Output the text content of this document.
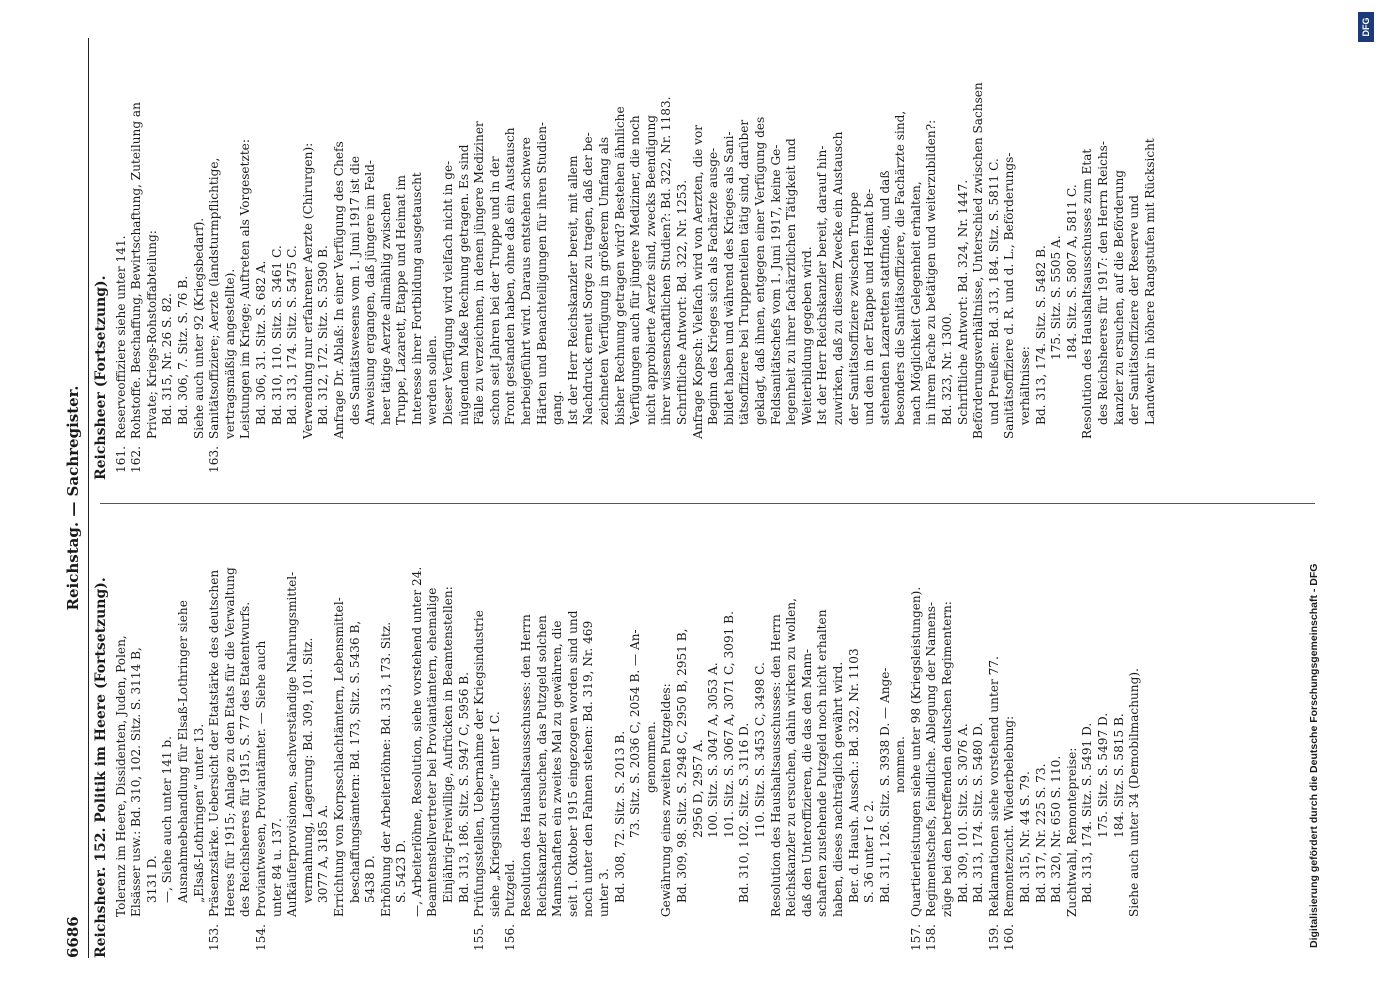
6686
Reichstag. — Sachregister.
Reichsheer. 152. Politik im Heere (Fortsetzung). Toleranz im Heere, Dissidenten, Juden, Polen, Elsässer usw.: Bd. 310, 102. Sitz. S. 3114 B, 3131 D. —, Siehe auch unter 141 b. Ausnahmebehandlung für Elsaß-Lothringer siehe „Elsaß-Lothringen“ unter 13.
153.
Präsenzstärke. Uebersicht der Etatstärke des deutschen Heeres für 1915; Anlage zu den Etats für die Verwaltung des Reichsheeres für 1915, S. 77 des Etatentwurfs.
154.
Proviantwesen, Proviantämter. — Siehe auch unter 84 u. 137. Aufkäuferprovisionen, sachverständige Nahrungsmittel- vermahnung, Lagerung: Bd. 309, 101. Sitz. 3077 A, 3185 A. Errichtung von Korpsschlachtämtern, Lebensmittel- beschaffungsämtern: Bd. 173, Sitz. S. 5436 B, 5438 D. Erhöhung der Arbeiterlöhne: Bd. 313, 173. Sitz. S. 5423 D. —, Arbeiterlöhne, Resolution, siehe vorstehend unter 24. Beamtenstellvertreter bei Proviantämtern, ehemalige Einjährig-Freiwillige, Aufrücken in Beamtenstellen: Bd. 313, 186. Sitz. S. 5947 C, 5956 B.
155.
Prüfungsstellen, Uebernahme der Kriegsindustrie siehe „Kriegsindustrie“ unter I C.
156.
Putzgeld. Resolution des Haushaltsausschusses: den Herrn Reichskanzler zu ersuchen, das Putzgeld solchen Mannschaften ein zweites Mal zu gewähren, die seit 1. Oktober 1915 eingezogen worden sind und noch unter den Fahnen stehen: Bd. 319, Nr. 469 unter 3. Bd. 308, 72. Sitz. S. 2013 B. 73. Sitz. S. 2036 C, 2054 B. — An- genommen. Gewährung eines zweiten Putzgeldes: Bd. 309, 98. Sitz. S. 2948 C, 2950 B, 2951 B, 2956 D, 2957 A. 100. Sitz. S. 3047 A, 3053 A. 101. Sitz. S. 3067 A, 3071 C, 3091 B. Bd. 310, 102. Sitz. S. 3116 D. 110. Sitz. S. 3453 C, 3498 C. Resolution des Haushaltsausschusses: den Herrn Reichskanzler zu ersuchen, dahin wirken zu wollen, daß den Unteroffizieren, die das den Mann- schaften zustehende Putzgeld noch nicht erhalten haben, dieses nachträglich gewährt wird. Ber. d. Haush. Aussch.: Bd. 322, Nr. 1103 S. 36 unter I c 2. Bd. 311, 126. Sitz. S. 3938 D. — Ange- nommen.
157.
Quartierleistungen siehe unter 98 (Kriegsleistungen).
158.
Regimentschefs, feindliche. Ablegung der Namens- züge bei den betreffenden deutschen Regimentern: Bd. 309, 101. Sitz. S. 3076 A. Bd. 313, 174. Sitz. S. 5480 D.
159.
Reklamationen siehe vorstehend unter 77.
160.
Remontezucht. Wiederbelebung: Bd. 315, Nr. 44 S. 79. Bd. 317, Nr. 225 S. 73. Bd. 320, Nr. 650 S. 110. Zuchtwahl, Remontepreise: Bd. 313, 174. Sitz. S. 5491 D. 175. Sitz. S. 5497 D. 184. Sitz. S. 5815 B. Siehe auch unter 34 (Demobilmachung).
Reichsheer (Fortsetzung). 161.
Reserveoffiziere siehe unter 141.
162.
Rohstoffe. Beschaffung, Bewirtschaftung, Zuteilung an Private; Kriegs-Rohstoffabteilung: Bd. 315, Nr. 26 S. 82. Bd. 306, 7. Sitz. S. 76 B. Siehe auch unter 92 (Kriegsbedarf).
163.
Sanitätsoffiziere; Aerzte (landsturmpflichtige, vertragsmäßig angestellte). Leistungen im Kriege; Auftreten als Vorgesetzte: Bd. 306, 31. Sitz. S. 682 A. Bd. 310, 110. Sitz. S. 3461 C. Bd. 313, 174. Sitz. S. 5475 C. Verwendung nur erfahrener Aerzte (Chirurgen): Bd. 312, 172. Sitz. S. 5390 B. Anfrage Dr. Ablaß: In einer Verfügung des Chefs des Sanitätswesens vom 1. Juni 1917 ist die Anweisung ergangen, daß jüngere im Feld- heer tätige Aerzte allmählig zwischen Truppe, Lazarett, Etappe und Heimat im Interesse ihrer Fortbildung ausgetauscht werden sollen. Dieser Verfügung wird vielfach nicht in ge- nügendem Maße Rechnung getragen. Es sind Fälle zu verzeichnen, in denen jüngere Mediziner schon seit Jahren bei der Truppe und in der Front gestanden haben, ohne daß ein Austausch herbeigeführt wird. Daraus entstehen schwere Härten und Benachteiligungen für ihren Studien- gang. Ist der Herr Reichskanzler bereit, mit allem Nachdruck erneut Sorge zu tragen, daß der be- zeichneten Verfügung in größerem Umfang als bisher Rechnung getragen wird? Bestehen ähnliche Verfügungen auch für jüngere Mediziner, die noch nicht approbierte Aerzte sind, zwecks Beendigung ihrer wissenschaftlichen Studien?: Bd. 322, Nr. 1183. Schriftliche Antwort: Bd. 322, Nr. 1253. Anfrage Kopsch: Vielfach wird von Aerzten, die vor Beginn des Krieges sich als Fachärzte ausge- bildet haben und während des Krieges als Sani- tätsoffiziere bei Truppenteilen tätig sind, darüber geklagt, daß ihnen, entgegen einer Verfügung des Feldsanitätschefs vom 1. Juni 1917, keine Ge- legenheit zu ihrer fachärztlichen Tätigkeit und Weiterbildung gegeben wird. Ist der Herr Reichskanzler bereit, darauf hin- zuwirken, daß zu diesem Zwecke ein Austausch der Sanitätsoffiziere zwischen Truppe und den in der Etappe und Heimat be- stehenden Lazaretten stattfinde, und daß besonders die Sanitätsoffiziere, die Fachärzte sind, nach Möglichkeit Gelegenheit erhalten, in ihrem Fache zu betätigen und weiterzubilden?: Bd. 323, Nr. 1300. Schriftliche Antwort: Bd. 324, Nr. 1447. Beförderungsverhältnisse, Unterschied zwischen Sachsen und Preußen: Bd. 313, 184. Sitz. S. 5811 C. Sanitätsoffiziere d. R. und d. L., Beförderungs- verhältnisse: Bd. 313, 174. Sitz. S. 5482 B. 175. Sitz. S. 5505 A. 184. Sitz. S. 5807 A, 5811 C. Resolution des Haushaltsausschusses zum Etat des Reichsheeres für 1917: den Herrn Reichs- kanzler zu ersuchen, auf die Beförderung der Sanitätsoffiziere der Reserve und Landwehr in höhere Rangstufen mit Rücksicht
Digitalisierung gefördert durch die Deutsche Forschungsgemeinschaft - DFG
DFG
